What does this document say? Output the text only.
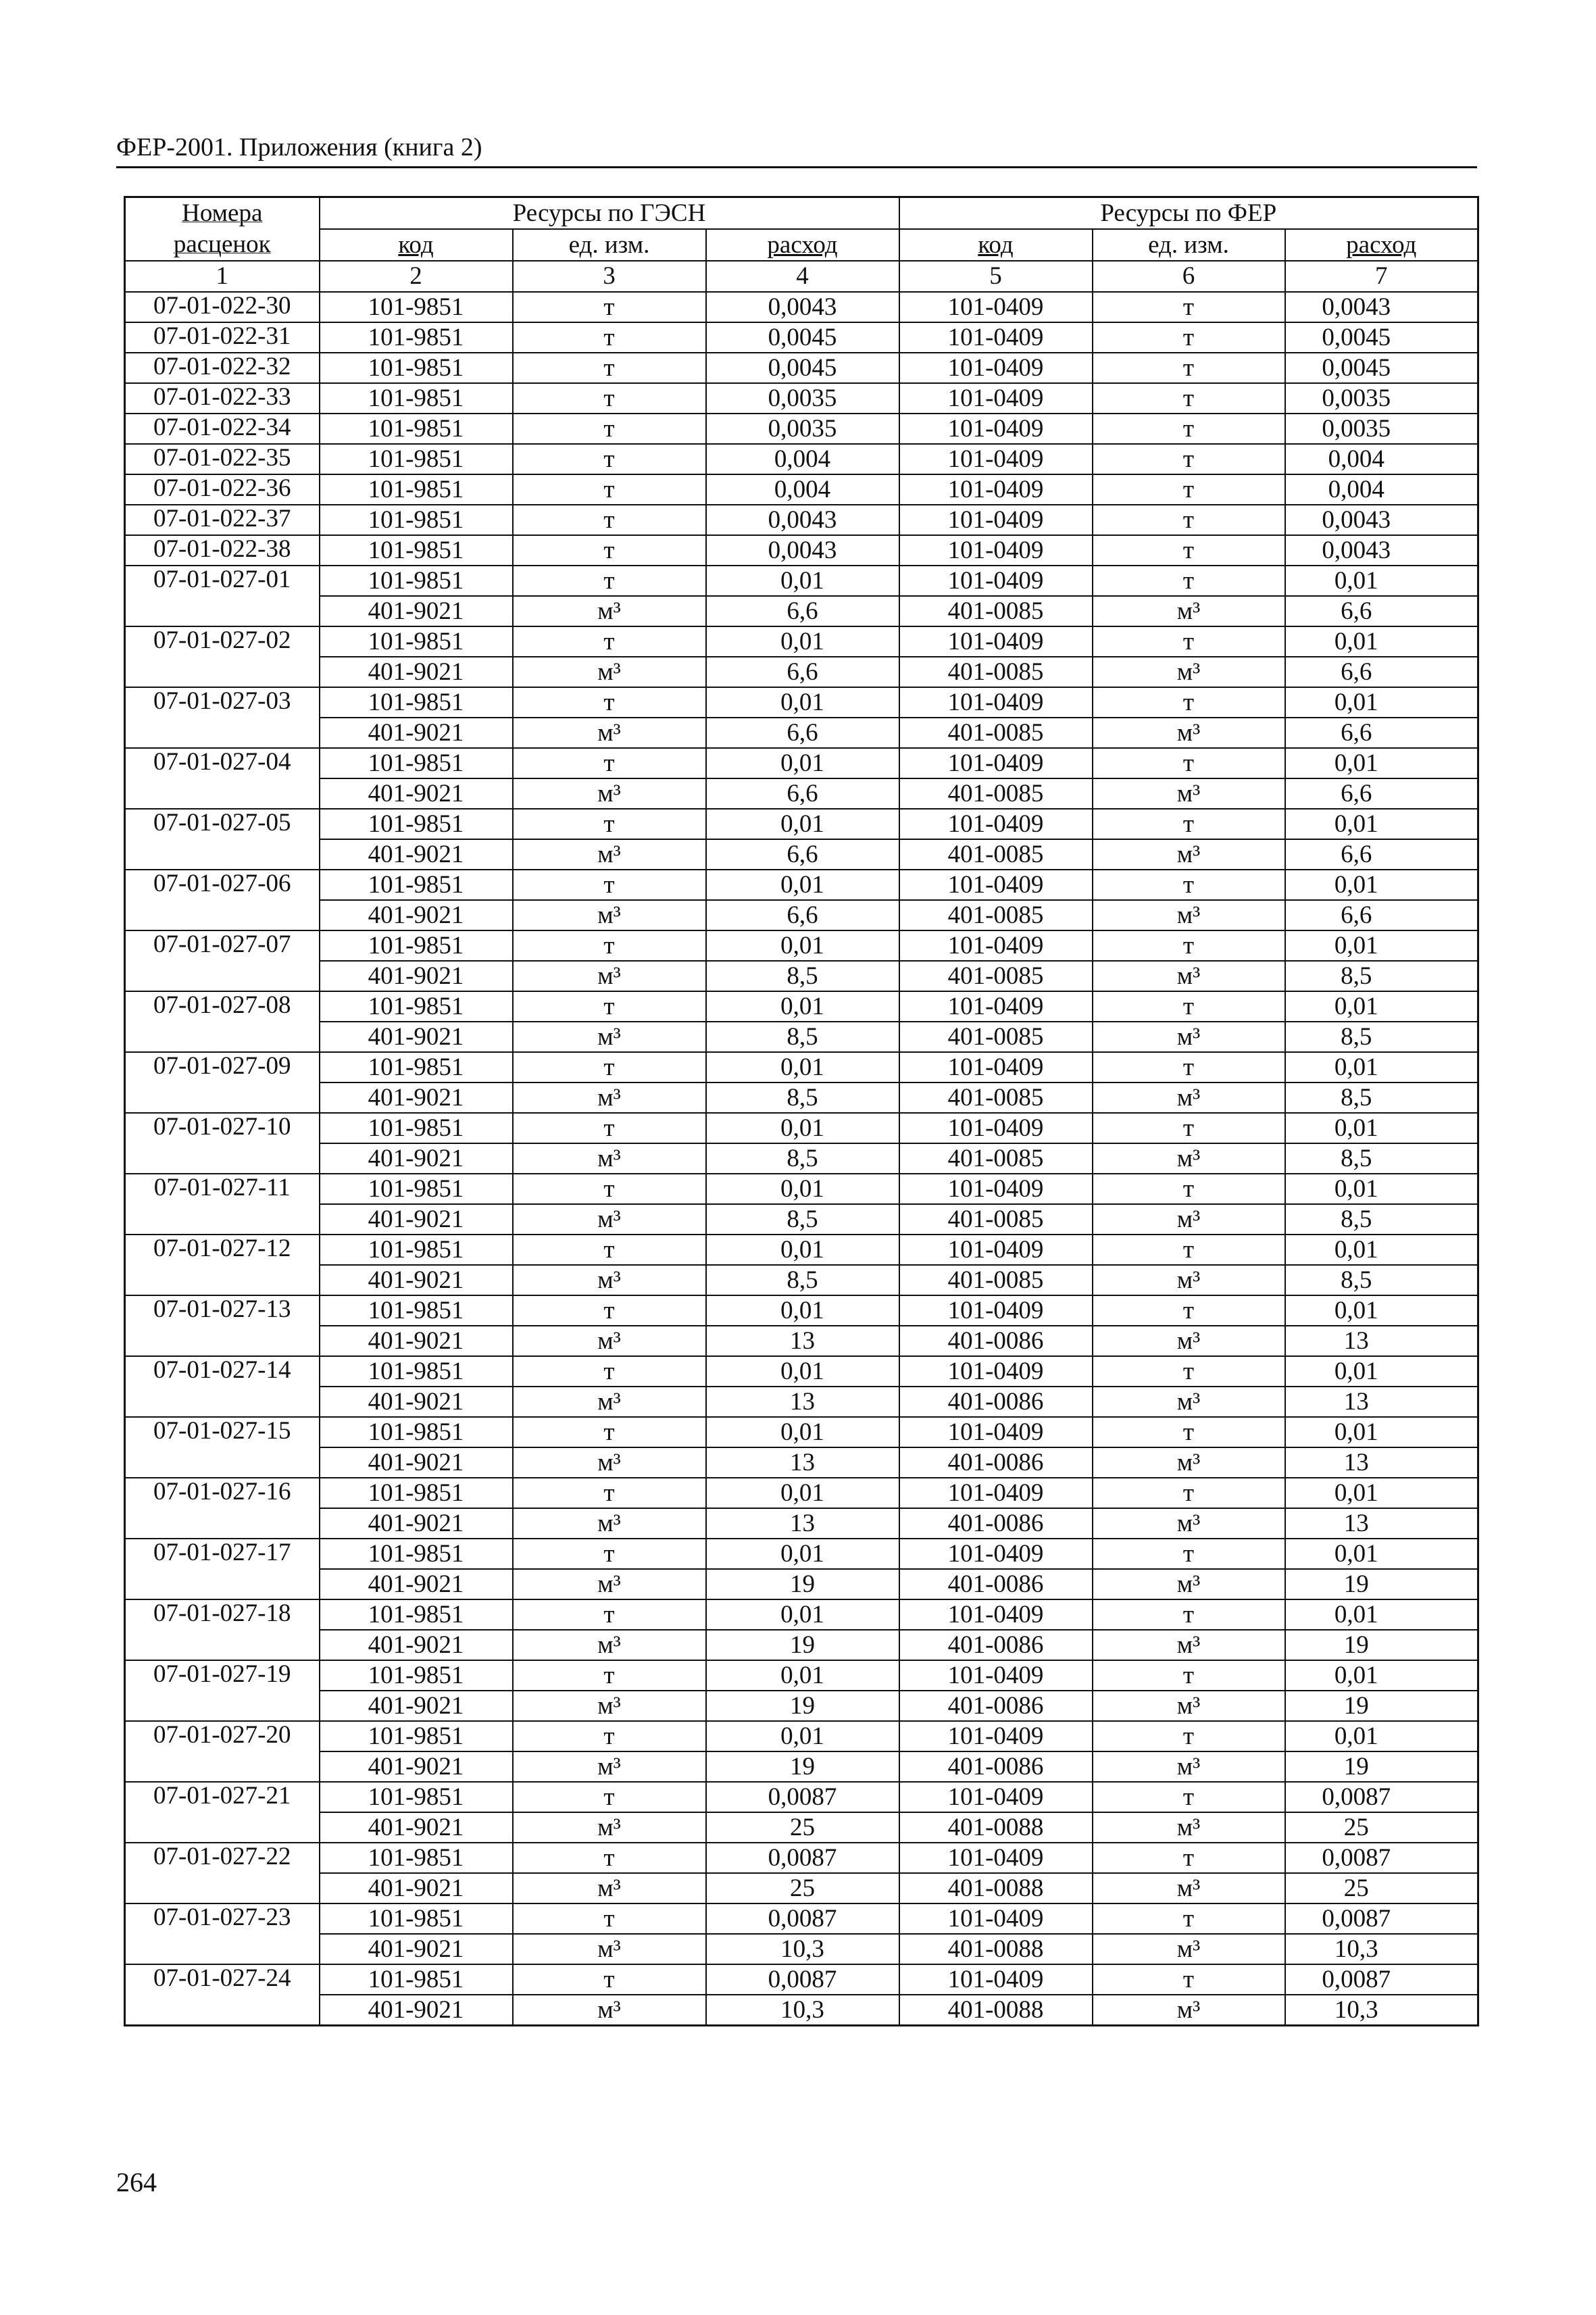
ФЕР-2001. Приложения (книга 2)
Номера расценок	Ресурсы по ГЭСН			Ресурсы по ФЕР		
	код	ед. изм.	расход	код	ед. изм.	расход
1	2	3	4	5	6	7
07-01-022-30	101-9851	т	0,0043	101-0409	т	0,0043
07-01-022-31	101-9851	т	0,0045	101-0409	т	0,0045
07-01-022-32	101-9851	т	0,0045	101-0409	т	0,0045
07-01-022-33	101-9851	т	0,0035	101-0409	т	0,0035
07-01-022-34	101-9851	т	0,0035	101-0409	т	0,0035
07-01-022-35	101-9851	т	0,004	101-0409	т	0,004
07-01-022-36	101-9851	т	0,004	101-0409	т	0,004
07-01-022-37	101-9851	т	0,0043	101-0409	т	0,0043
07-01-022-38	101-9851	т	0,0043	101-0409	т	0,0043
07-01-027-01	101-9851	т	0,01	101-0409	т	0,01
	401-9021	м³	6,6	401-0085	м³	6,6
07-01-027-02	101-9851	т	0,01	101-0409	т	0,01
	401-9021	м³	6,6	401-0085	м³	6,6
07-01-027-03	101-9851	т	0,01	101-0409	т	0,01
	401-9021	м³	6,6	401-0085	м³	6,6
07-01-027-04	101-9851	т	0,01	101-0409	т	0,01
	401-9021	м³	6,6	401-0085	м³	6,6
07-01-027-05	101-9851	т	0,01	101-0409	т	0,01
	401-9021	м³	6,6	401-0085	м³	6,6
07-01-027-06	101-9851	т	0,01	101-0409	т	0,01
	401-9021	м³	6,6	401-0085	м³	6,6
07-01-027-07	101-9851	т	0,01	101-0409	т	0,01
	401-9021	м³	8,5	401-0085	м³	8,5
07-01-027-08	101-9851	т	0,01	101-0409	т	0,01
	401-9021	м³	8,5	401-0085	м³	8,5
07-01-027-09	101-9851	т	0,01	101-0409	т	0,01
	401-9021	м³	8,5	401-0085	м³	8,5
07-01-027-10	101-9851	т	0,01	101-0409	т	0,01
	401-9021	м³	8,5	401-0085	м³	8,5
07-01-027-11	101-9851	т	0,01	101-0409	т	0,01
	401-9021	м³	8,5	401-0085	м³	8,5
07-01-027-12	101-9851	т	0,01	101-0409	т	0,01
	401-9021	м³	8,5	401-0085	м³	8,5
07-01-027-13	101-9851	т	0,01	101-0409	т	0,01
	401-9021	м³	13	401-0086	м³	13
07-01-027-14	101-9851	т	0,01	101-0409	т	0,01
	401-9021	м³	13	401-0086	м³	13
07-01-027-15	101-9851	т	0,01	101-0409	т	0,01
	401-9021	м³	13	401-0086	м³	13
07-01-027-16	101-9851	т	0,01	101-0409	т	0,01
	401-9021	м³	13	401-0086	м³	13
07-01-027-17	101-9851	т	0,01	101-0409	т	0,01
	401-9021	м³	19	401-0086	м³	19
07-01-027-18	101-9851	т	0,01	101-0409	т	0,01
	401-9021	м³	19	401-0086	м³	19
07-01-027-19	101-9851	т	0,01	101-0409	т	0,01
	401-9021	м³	19	401-0086	м³	19
07-01-027-20	101-9851	т	0,01	101-0409	т	0,01
	401-9021	м³	19	401-0086	м³	19
07-01-027-21	101-9851	т	0,0087	101-0409	т	0,0087
	401-9021	м³	25	401-0088	м³	25
07-01-027-22	101-9851	т	0,0087	101-0409	т	0,0087
	401-9021	м³	25	401-0088	м³	25
07-01-027-23	101-9851	т	0,0087	101-0409	т	0,0087
	401-9021	м³	10,3	401-0088	м³	10,3
07-01-027-24	101-9851	т	0,0087	101-0409	т	0,0087
	401-9021	м³	10,3	401-0088	м³	10,3
264
